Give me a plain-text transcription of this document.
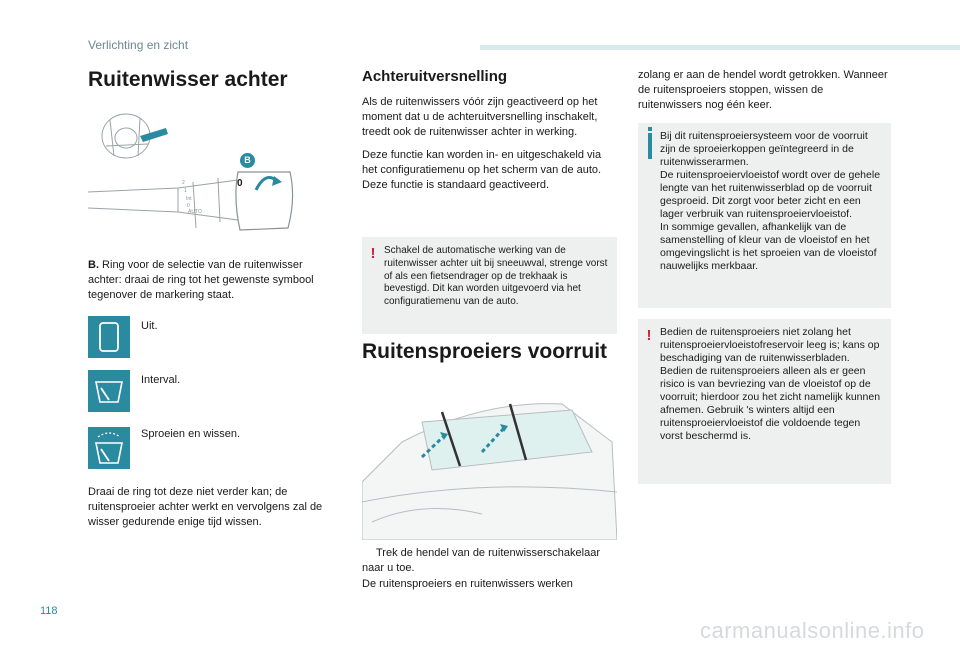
Verlichting en zicht
Ruitenwisser achter
B
0
2
1
Int
0
AUTO
B. Ring voor de selectie van de ruitenwisser achter: draai de ring tot het gewenste symbool tegenover de markering staat.
Uit.
Interval.
Sproeien en wissen.
Draai de ring tot deze niet verder kan; de ruitensproeier achter werkt en vervolgens zal de wisser gedurende enige tijd wissen.
Achteruitversnelling
Als de ruitenwissers vóór zijn geactiveerd op het moment dat u de achteruitversnelling inschakelt, treedt ook de ruitenwisser achter in werking.

Deze functie kan worden in- en uitgeschakeld via het configuratiemenu op het scherm van de auto.

Deze functie is standaard geactiveerd.

! Schakel de automatische werking van de ruitenwisser achter uit bij sneeuwval, strenge vorst of als een fietsendrager op de trekhaak is bevestigd. Dit kan worden uitgevoerd via het configuratiemenu van de auto.
Ruitensproeiers voorruit
Trek de hendel van de ruitenwisserschakelaar naar u toe.
De ruitensproeiers en ruitenwissers werken
zolang er aan de hendel wordt getrokken. Wanneer de ruitensproeiers stoppen, wissen de ruitenwissers nog één keer.

Bij dit ruitensproeiersysteem voor de voorruit zijn de sproeierkoppen geïntegreerd in de ruitenwisserarmen.

De ruitensproeiervloeistof wordt over de gehele lengte van het ruitenwisserblad op de voorruit gesproeid. Dit zorgt voor beter zicht en een lager verbruik van ruitensproeiervloeistof.

In sommige gevallen, afhankelijk van de samenstelling of kleur van de vloeistof en het omgevingslicht is het sproeien van de vloeistof nauwelijks merkbaar.

! Bedien de ruitensproeiers niet zolang het ruitensproeiervloeistofreservoir leeg is; kans op beschadiging van de ruitenwisserbladen.

Bedien de ruitensproeiers alleen als er geen risico is van bevriezing van de vloeistof op de voorruit; hierdoor zou het zicht namelijk kunnen afnemen. Gebruik 's winters altijd een ruitensproeiervloeistof die voldoende tegen vorst beschermd is.

118
carmanualsonline.info
